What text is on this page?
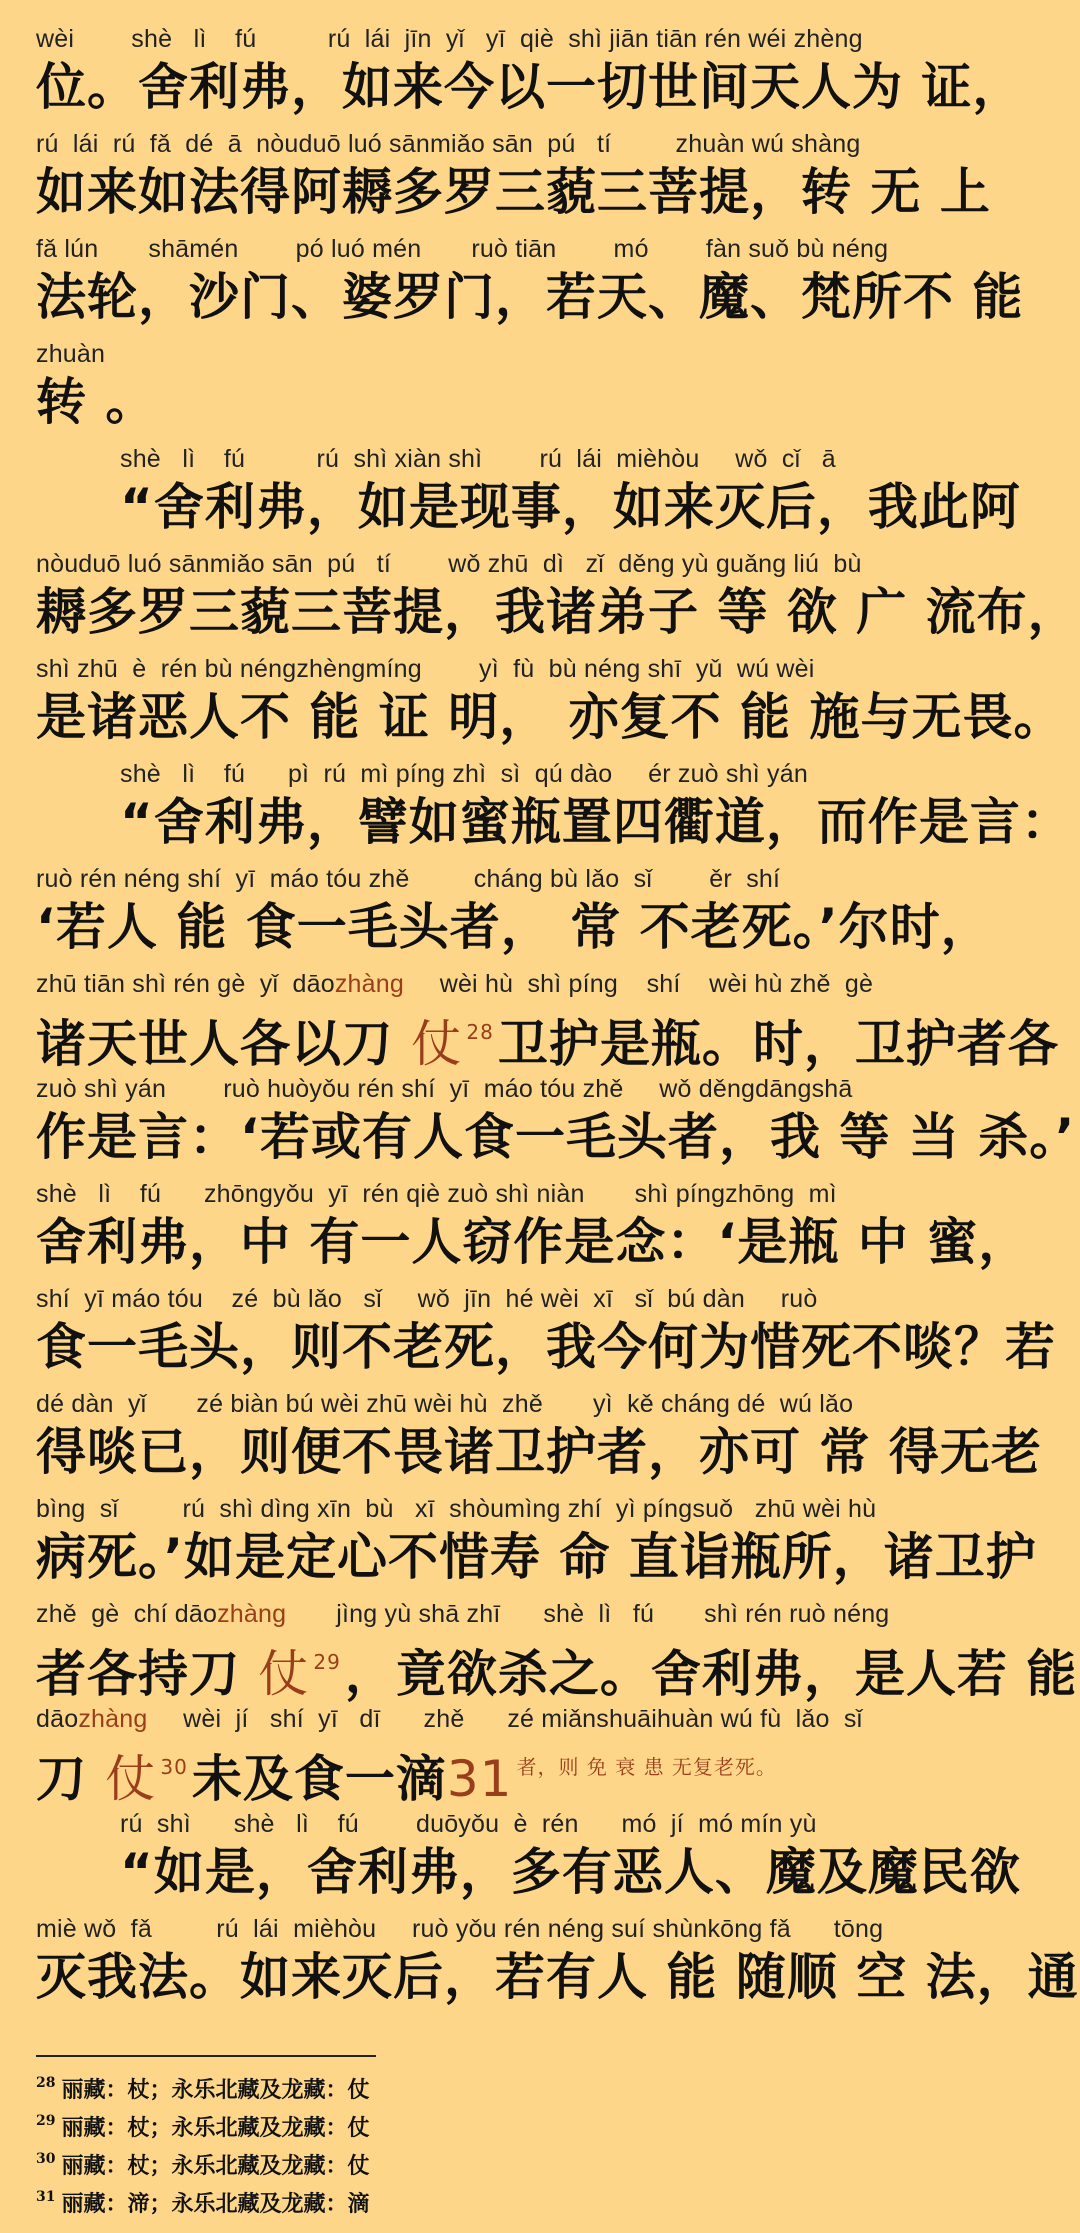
wèi        shè   lì    fú          rú  lái  jīn  yǐ   yī  qiè  shì jiān tiān rén wéi zhèng
位。舍利弗，如来今以一切世间天人为 证，
rú  lái  rú  fǎ  dé  ā  nòuduō luó sānmiǎo sān  pú   tí         zhuàn wú shàng
如来如法得阿耨多罗三藐三菩提，转 无 上
fǎ lún       shāmén        pó luó mén       ruò tiān        mó        fàn suǒ bù néng
法轮，沙门、婆罗门，若天、魔、梵所不 能
zhuàn
转 。
shè   lì    fú          rú  shì xiàn shì        rú  lái  mièhòu     wǒ  cǐ   ā
“舍利弗，如是现事，如来灭后，我此阿
nòuduō luó sānmiǎo sān  pú   tí        wǒ zhū  dì   zǐ  děng yù guǎng liú  bù
耨多罗三藐三菩提，我诸弟子 等 欲 广 流布，
shì zhū  è  rén bù néngzhèngmíng        yì  fù  bù néng shī  yǔ  wú wèi
是诸恶人不 能 证 明， 亦复不 能 施与无畏。
shè   lì    fú      pì  rú  mì píng zhì  sì  qú dào     ér zuò shì yán
“舍利弗，譬如蜜瓶置四衢道，而作是言：
ruò rén néng shí  yī  máo tóu zhě         cháng bù lǎo  sǐ        ěr  shí
‘若人 能 食一毛头者， 常 不老死。’尔时，
zhū tiān shì rén gè  yǐ  dāozhàng     wèi hù  shì píng    shí    wèi hù zhě  gè
诸天世人各以刀 仗 $^{28}$卫护是瓶。时，卫护者各
zuò shì yán        ruò huòyǒu rén shí  yī  máo tóu zhě     wǒ děngdāngshā
作是言：‘若或有人食一毛头者，我 等 当 杀。’
shè   lì    fú      zhōngyǒu  yī  rén qiè zuò shì niàn       shì píngzhōng  mì
舍利弗，中 有一人窃作是念：‘是瓶 中 蜜，
shí  yī máo tóu    zé  bù lǎo   sǐ     wǒ  jīn  hé wèi  xī   sǐ  bú dàn     ruò
食一毛头，则不老死，我今何为惜死不啖？若
dé dàn  yǐ       zé biàn bú wèi zhū wèi hù  zhě       yì  kě cháng dé  wú lǎo
得啖已，则便不畏诸卫护者，亦可 常 得无老
bìng  sǐ         rú  shì dìng xīn  bù   xī  shòumìng zhí  yì píngsuǒ   zhū wèi hù
病死。’如是定心不惜寿 命 直诣瓶所，诸卫护
zhě  gè  chí dāozhàng       jìng yù shā zhī      shè  lì   fú       shì rén ruò néng
者各持刀 仗 $^{29}$，竟欲杀之。舍利弗，是人若 能
dāozhàng     wèi  jí   shí  yī   dī      zhě      zé miǎnshuāihuàn wú fù  lǎo  sǐ
刀 仗 $^{30}$未及食一滴31 $^{者,则 免 衰 患 无复老死。}$
rú  shì      shè   lì    fú        duōyǒu  è  rén      mó  jí  mó mín yù
“如是，舍利弗，多有恶人、魔及魔民欲
miè wǒ  fǎ         rú  lái  mièhòu     ruò yǒu rén néng suí shùnkōng fǎ      tōng
灭我法。如来灭后，若有人 能 随顺 空 法，通
$^{28}$ 丽藏：杖；永乐北藏及龙藏：仗
$^{29}$ 丽藏：杖；永乐北藏及龙藏：仗
$^{30}$ 丽藏：杖；永乐北藏及龙藏：仗
$^{31}$ 丽藏：渧；永乐北藏及龙藏：滴
